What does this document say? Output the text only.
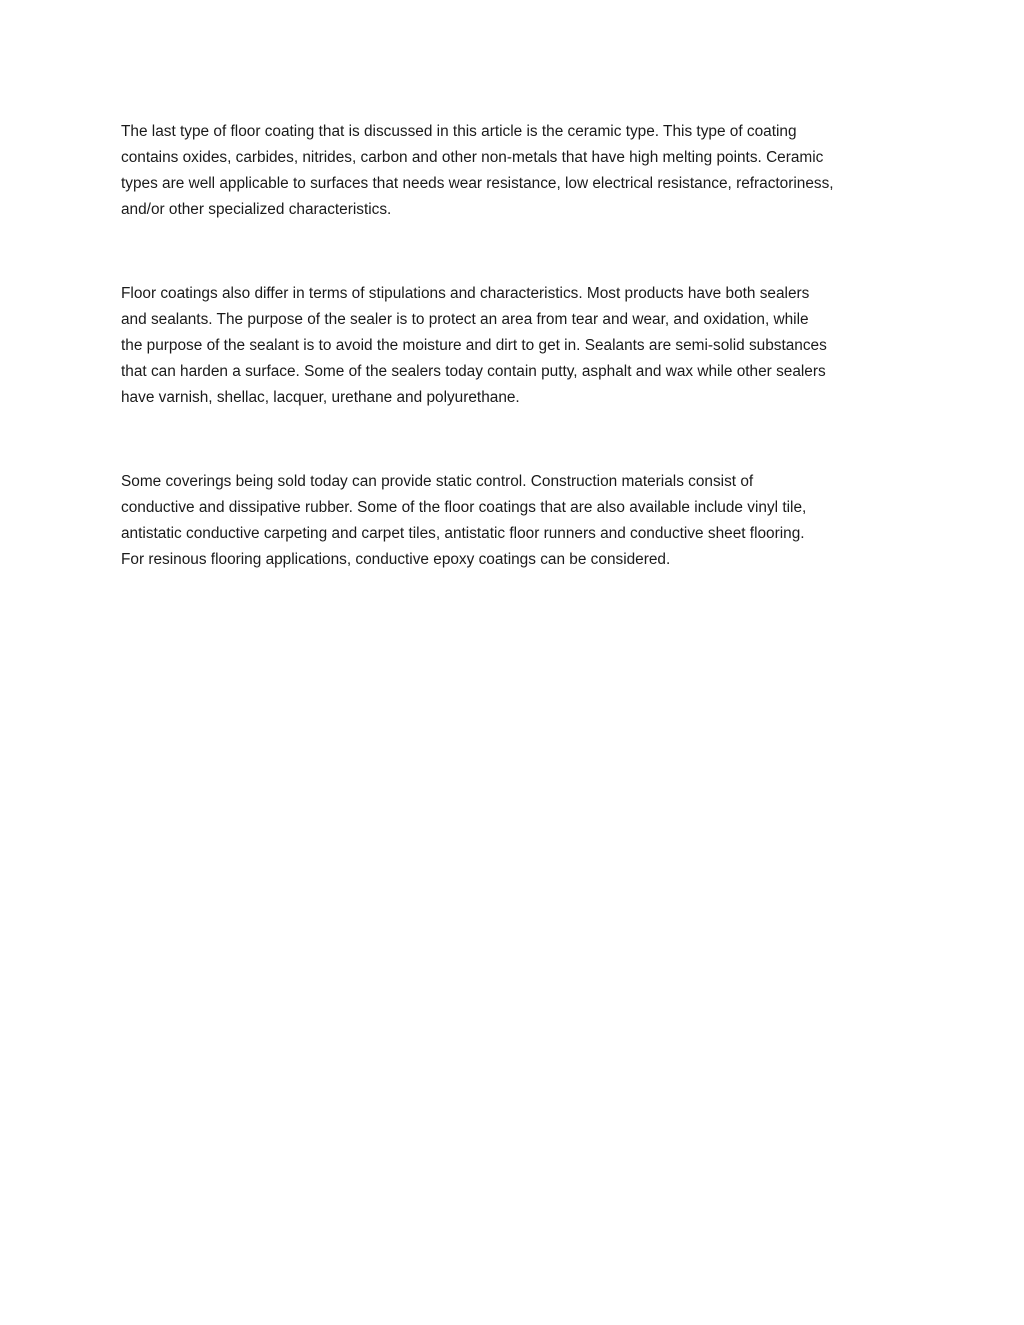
The last type of floor coating that is discussed in this article is the ceramic type. This type of coating
contains oxides, carbides, nitrides, carbon and other non-metals that have high melting points. Ceramic
types are well applicable to surfaces that needs wear resistance, low electrical resistance, refractoriness,
and/or other specialized characteristics.

Floor coatings also differ in terms of stipulations and characteristics. Most products have both sealers
and sealants. The purpose of the sealer is to protect an area from tear and wear, and oxidation, while
the purpose of the sealant is to avoid the moisture and dirt to get in. Sealants are semi-solid substances
that can harden a surface. Some of the sealers today contain putty, asphalt and wax while other sealers
have varnish, shellac, lacquer, urethane and polyurethane.

Some coverings being sold today can provide static control. Construction materials consist of
conductive and dissipative rubber. Some of the floor coatings that are also available include vinyl tile,
antistatic conductive carpeting and carpet tiles, antistatic floor runners and conductive sheet flooring.
For resinous flooring applications, conductive epoxy coatings can be considered.
